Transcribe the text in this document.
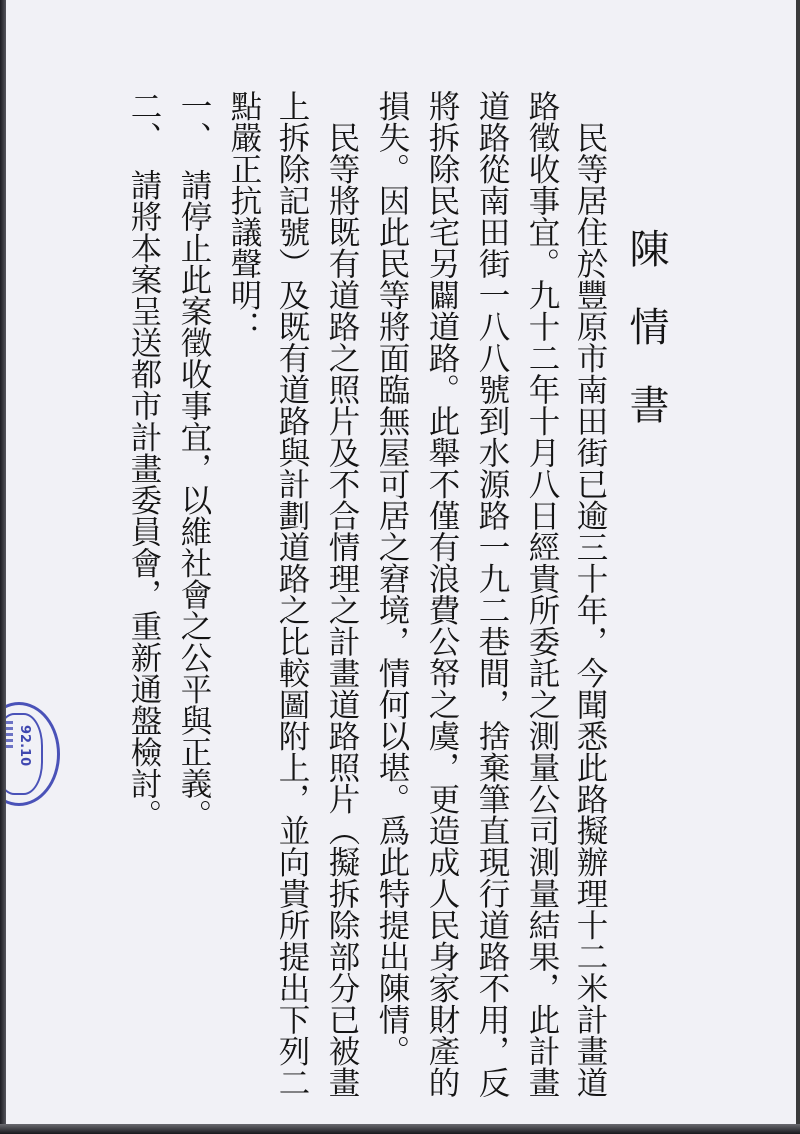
陳情書
　民等居住於豐原市南田街已逾三十年，今聞悉此路擬辦理十二米計畫道
路徵收事宜。九十二年十月八日經貴所委託之測量公司測量結果，此計畫
道路從南田街一八八號到水源路一九二巷間，捨棄筆直現行道路不用，反
將拆除民宅另闢道路。此舉不僅有浪費公帑之虞，更造成人民身家財產的
損失。因此民等將面臨無屋可居之窘境，情何以堪。爲此特提出陳情。
　民等將既有道路之照片及不合情理之計畫道路照片（擬拆除部分已被畫
上拆除記號）及既有道路與計劃道路之比較圖附上，並向貴所提出下列二
點嚴正抗議聲明：
一、　請停止此案徵收事宜，以維社會之公平與正義。
二、　請將本案呈送都市計畫委員會，重新通盤檢討。
92.10
